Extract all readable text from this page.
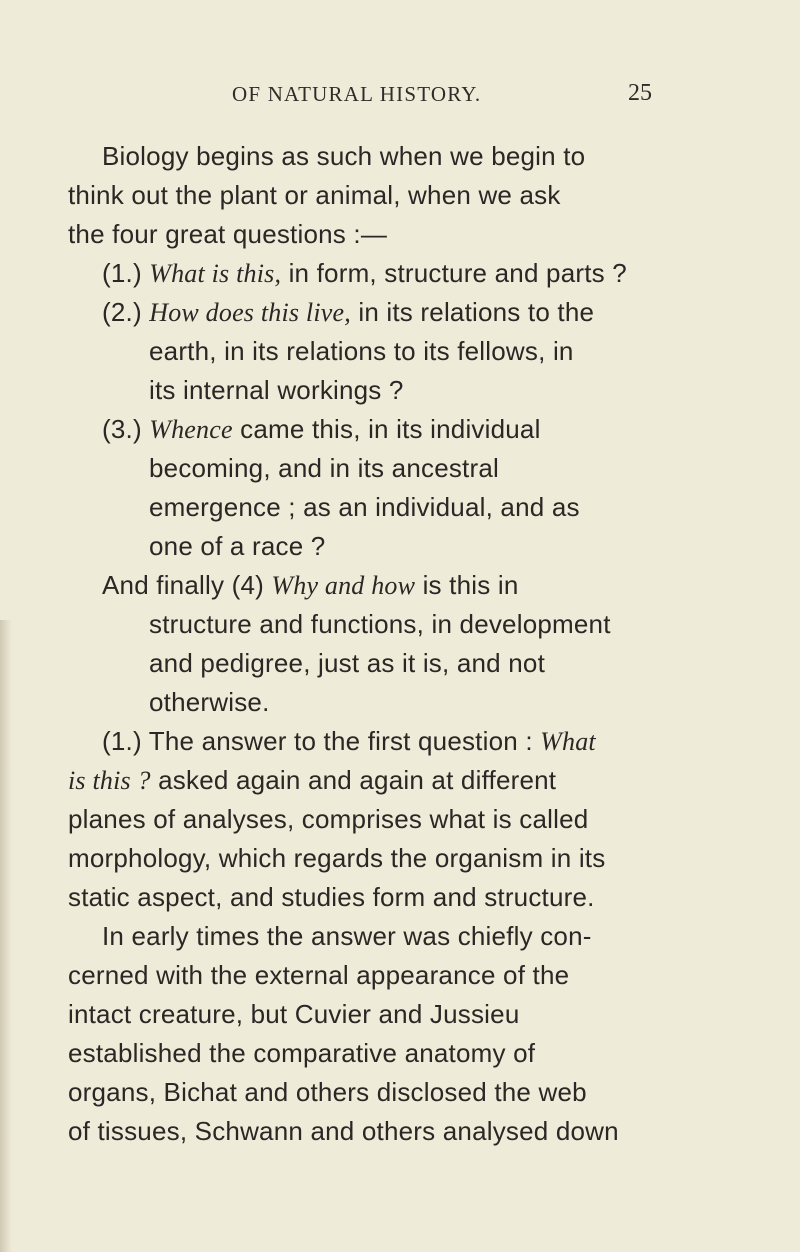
OF NATURAL HISTORY.	25
Biology begins as such when we begin to
think out the plant or animal, when we ask
the four great questions :—
(1.) What is this, in form, structure and parts ?
(2.) How does this live, in its relations to the
earth, in its relations to its fellows, in
its internal workings ?
(3.) Whence came this, in its individual
becoming, and in its ancestral
emergence ; as an individual, and as
one of a race ?
And finally (4) Why and how is this in
structure and functions, in development
and pedigree, just as it is, and not
otherwise.
(1.) The answer to the first question : What
is this ? asked again and again at different
planes of analyses, comprises what is called
morphology, which regards the organism in its
static aspect, and studies form and structure.
In early times the answer was chiefly con-
cerned with the external appearance of the
intact creature, but Cuvier and Jussieu
established the comparative anatomy of
organs, Bichat and others disclosed the web
of tissues, Schwann and others analysed down
